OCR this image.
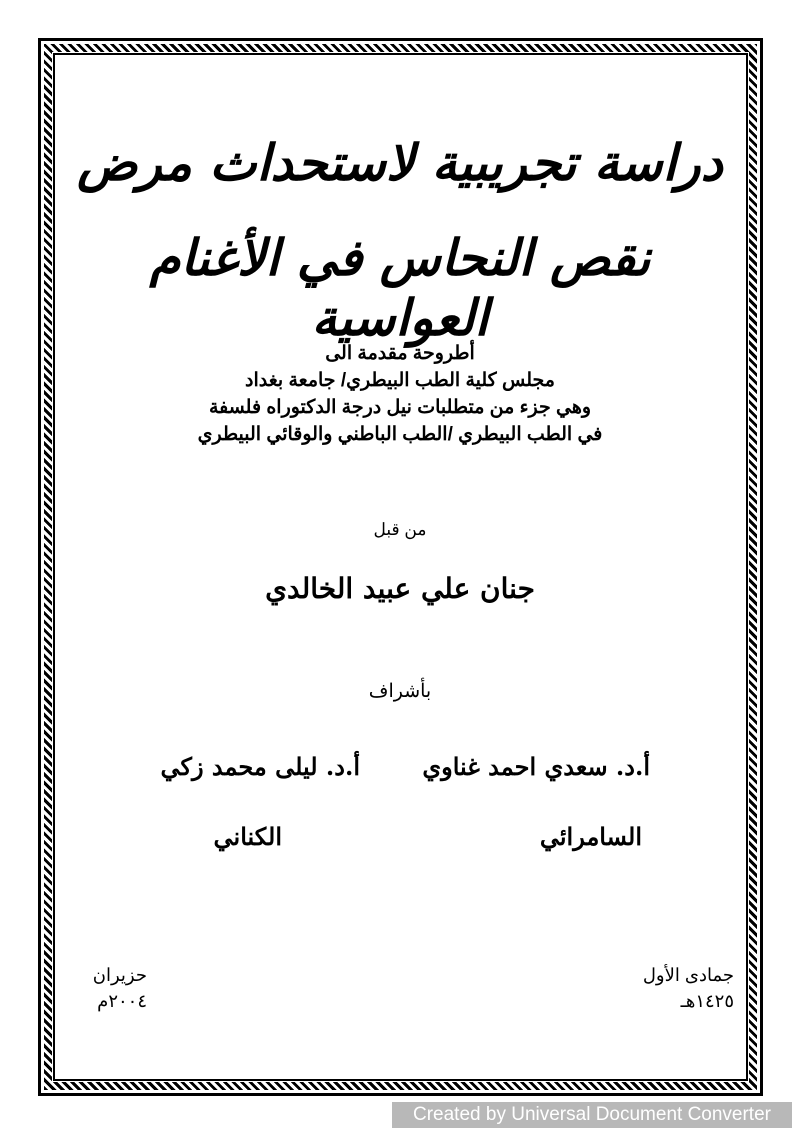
دراسة تجريبية لاستحداث مرض
نقص النحاس في الأغنام العواسية
أطروحة مقدمة الى
مجلس كلية الطب البيطري/ جامعة بغداد
وهي جزء من متطلبات نيل درجة الدكتوراه فلسفة
في الطب البيطري /الطب الباطني والوقائي البيطري
من قبل
جنان علي عبيد الخالدي
بأشراف
أ.د. سعدي احمد غناوي
السامرائي
أ.د. ليلى محمد زكي
الكناني
جمادى الأول
١٤٢٥هـ
حزيران
٢٠٠٤م
Created by Universal Document Converter
